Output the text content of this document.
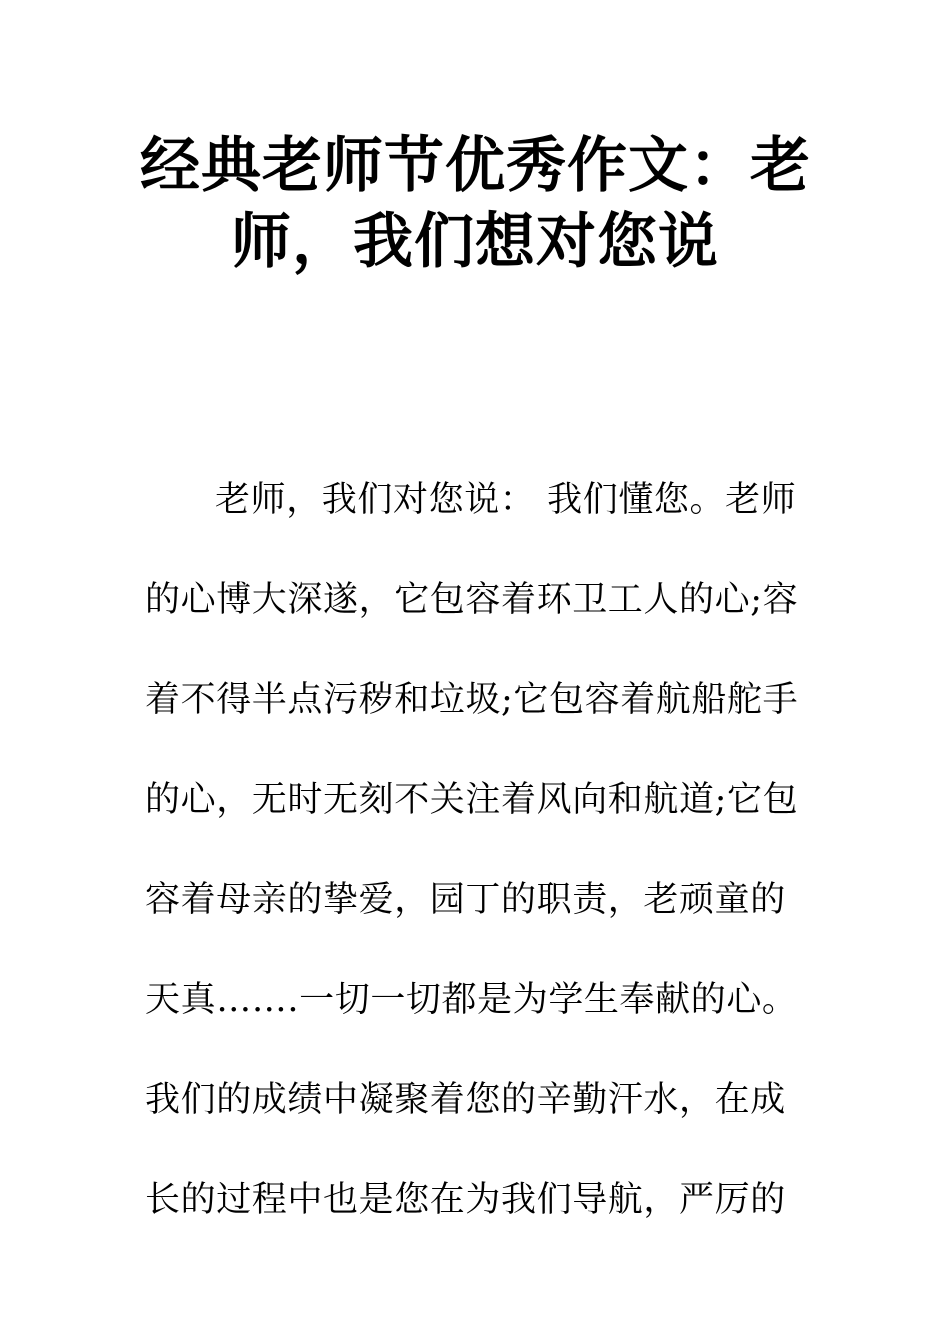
经典老师节优秀作文：老
师，我们想对您说
老师，我们对您说： 我们懂您。老师
的心博大深遂，它包容着环卫工人的心;容
着不得半点污秽和垃圾;它包容着航船舵手
的心，无时无刻不关注着风向和航道;它包
容着母亲的挚爱，园丁的职责，老顽童的
天真…….一切一切都是为学生奉献的心。
我们的成绩中凝聚着您的辛勤汗水，在成
长的过程中也是您在为我们导航，严厉的
